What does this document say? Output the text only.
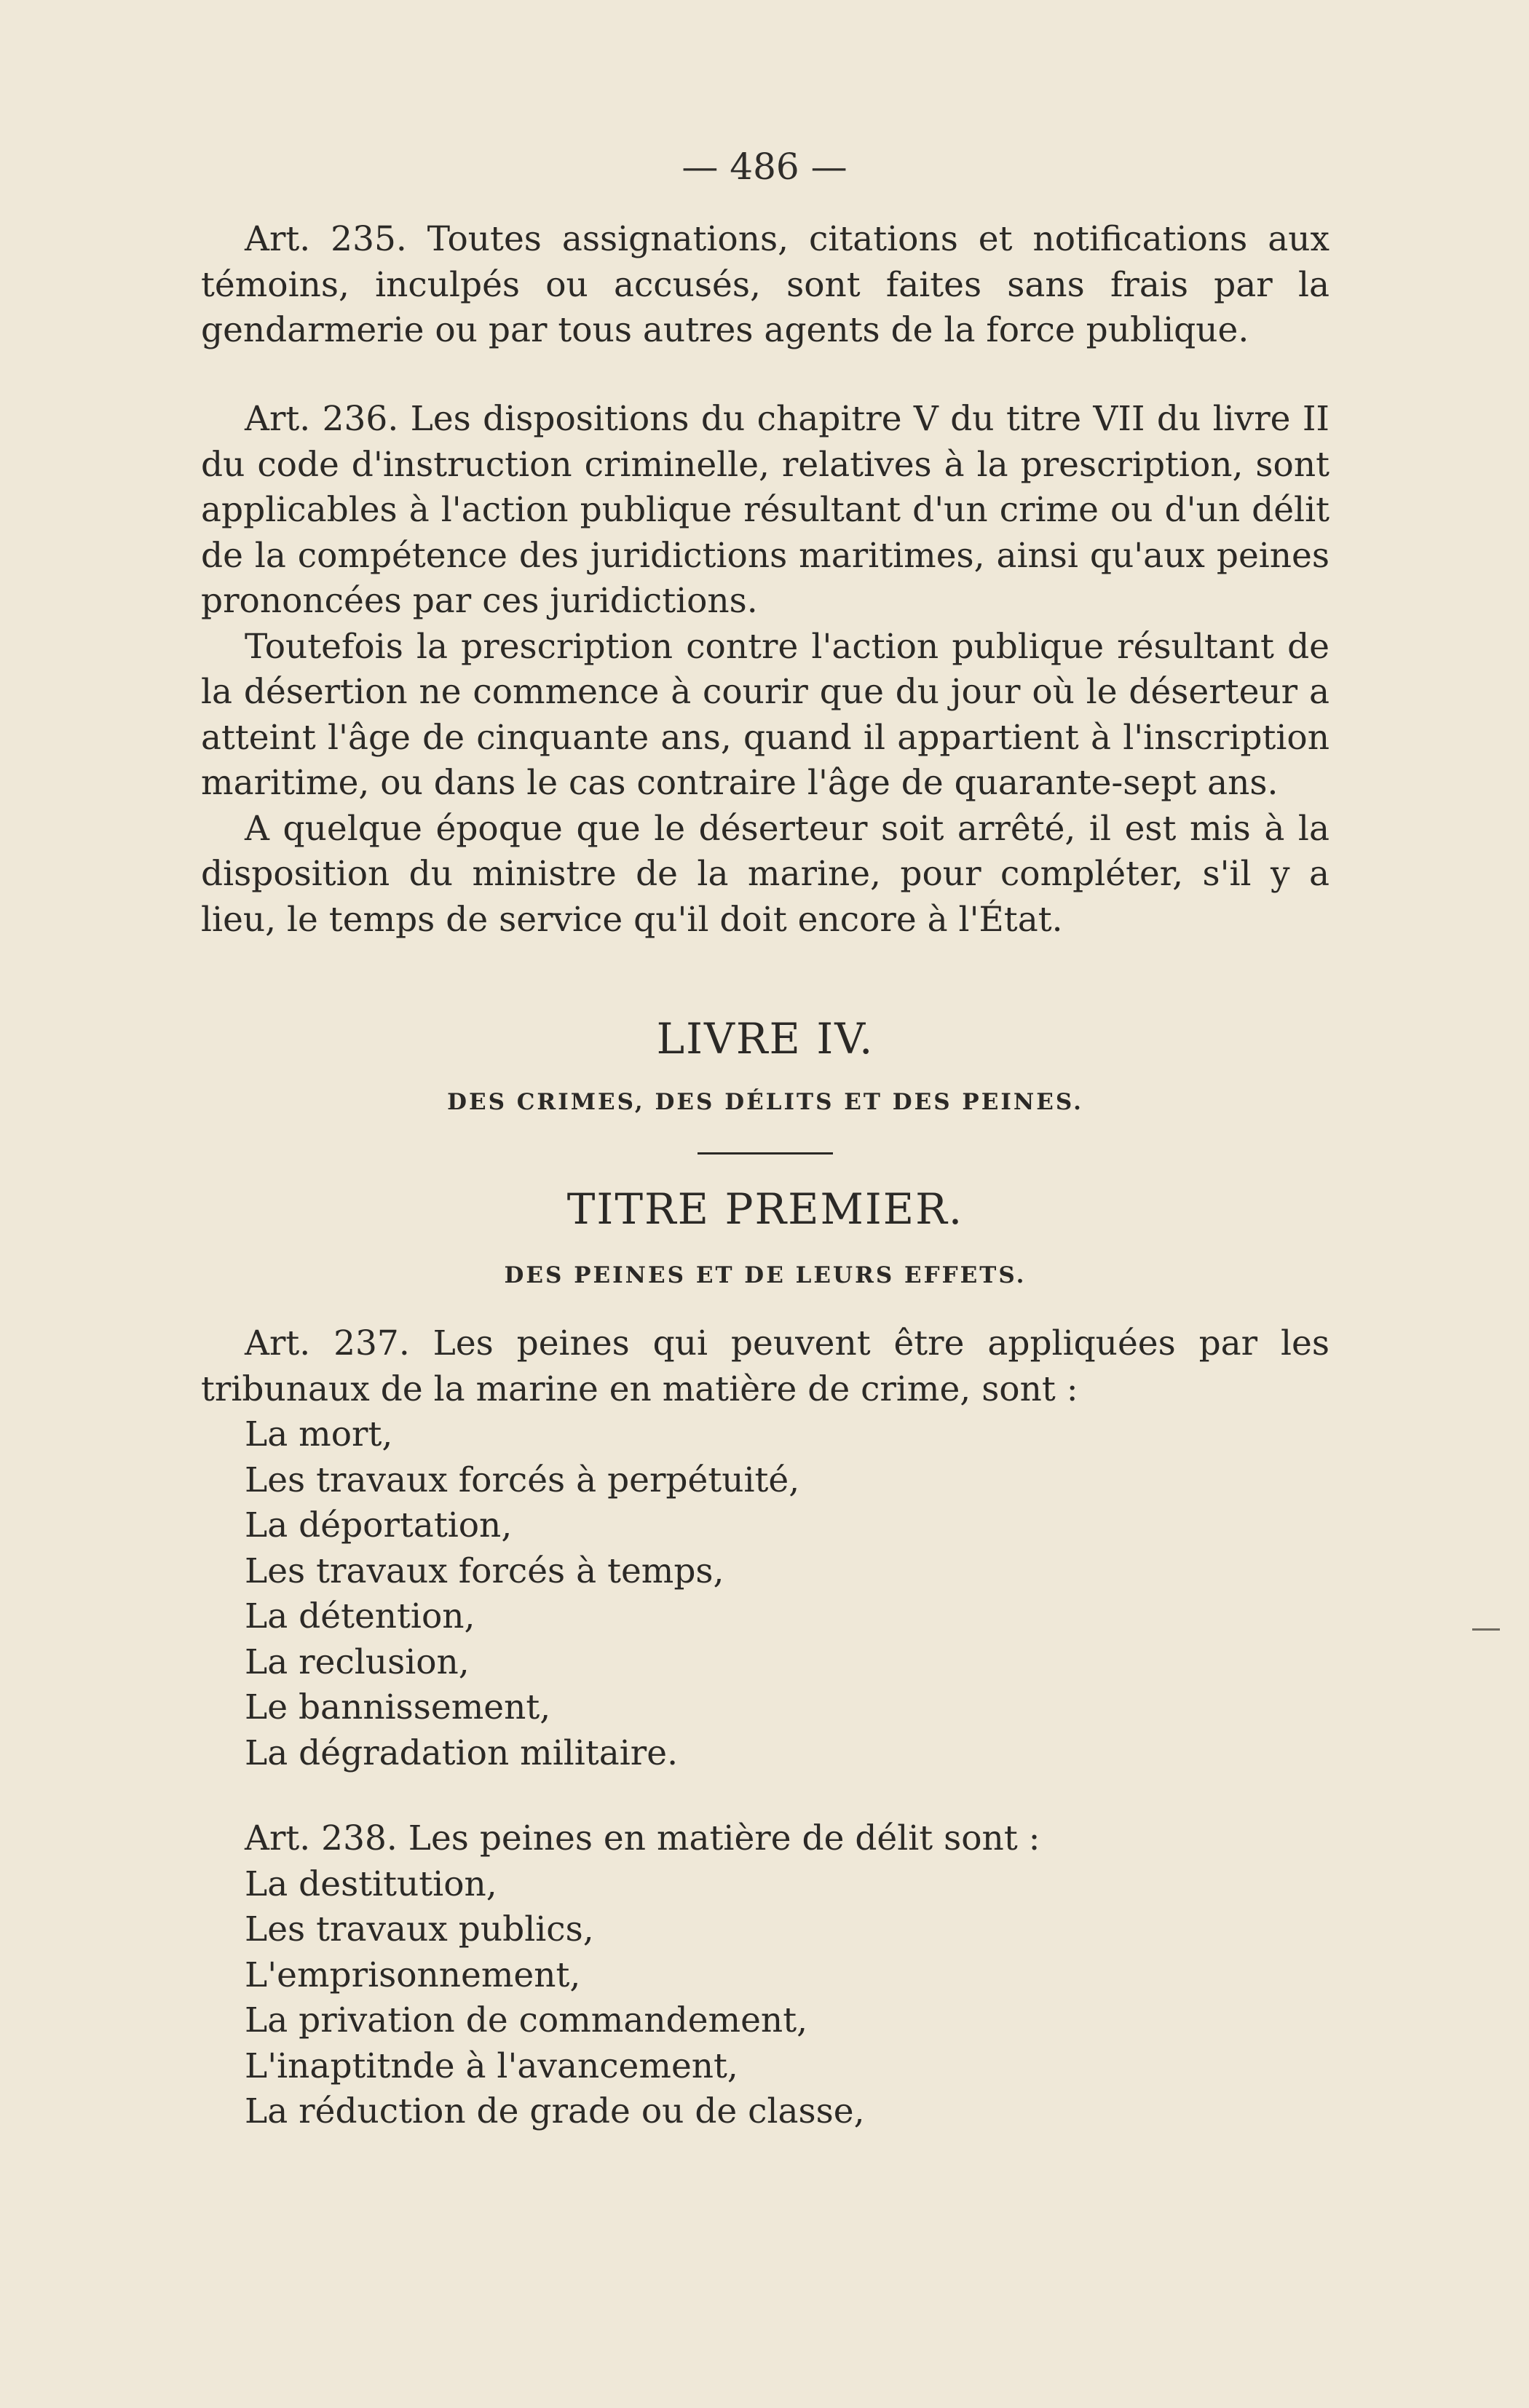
— 486 —

Art. 235. Toutes assignations, citations et notifications aux témoins, inculpés ou accusés, sont faites sans frais par la gendarmerie ou par tous autres agents de la force publique.

Art. 236. Les dispositions du chapitre V du titre VII du livre II du code d'instruction criminelle, relatives à la prescription, sont applicables à l'action publique résultant d'un crime ou d'un délit de la compétence des juridictions maritimes, ainsi qu'aux peines prononcées par ces juridictions.

Toutefois la prescription contre l'action publique résultant de la désertion ne commence à courir que du jour où le déserteur a atteint l'âge de cinquante ans, quand il appartient à l'inscription maritime, ou dans le cas contraire l'âge de quarante-sept ans.

A quelque époque que le déserteur soit arrêté, il est mis à la disposition du ministre de la marine, pour compléter, s'il y a lieu, le temps de service qu'il doit encore à l'État.

LIVRE IV.

DES CRIMES, DES DÉLITS ET DES PEINES.

TITRE PREMIER.

DES PEINES ET DE LEURS EFFETS.

Art. 237. Les peines qui peuvent être appliquées par les tribunaux de la marine en matière de crime, sont :

La mort,
Les travaux forcés à perpétuité,
La déportation,
Les travaux forcés à temps,
La détention,
La reclusion,
Le bannissement,
La dégradation militaire.

Art. 238. Les peines en matière de délit sont :

La destitution,
Les travaux publics,
L'emprisonnement,
La privation de commandement,
L'inaptitnde à l'avancement,
La réduction de grade ou de classe,
